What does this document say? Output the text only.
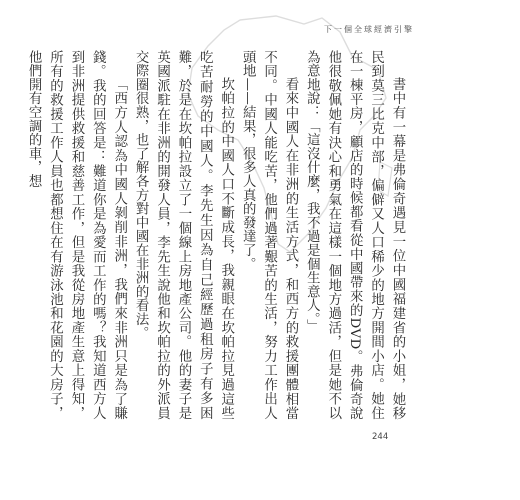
下一個全球經濟引擎

書中有一幕是弗倫奇遇見一位中國福建省的小姐，她移民到莫三比克中部，偏僻又人口稀少的地方開間小店。她住在一棟平房，顧店的時候都看從中國帶來的DVD。弗倫奇說他很敬佩她有決心和勇氣在這樣一個地方過活，但是她不以為意地說：「這沒什麼，我不過是個生意人。」

看來中國人在非洲的生活方式，和西方的救援團體相當不同。中國人能吃苦，他們過著艱苦的生活，努力工作出人頭地——結果，很多人真的發達了。

坎帕拉的中國人口不斷成長，我親眼在坎帕拉見過這些吃苦耐勞的中國人。李先生因為自己經歷過租房子有多困難，於是在坎帕拉設立了一個線上房地產公司。他的妻子是英國派駐在非洲的開發人員，李先生說他和坎帕拉的外派員交際圈很熟，也了解各方對中國在非洲的看法。

「西方人認為中國人剝削非洲，我們來非洲只是為了賺錢。我的回答是：難道你是為愛而工作的嗎？我知道西方人到非洲提供救援和慈善工作，但是我從房地產生意上得知，所有的救援工作人員也都想住在有游泳池和花園的大房子，他們開有空調的車，想

244
